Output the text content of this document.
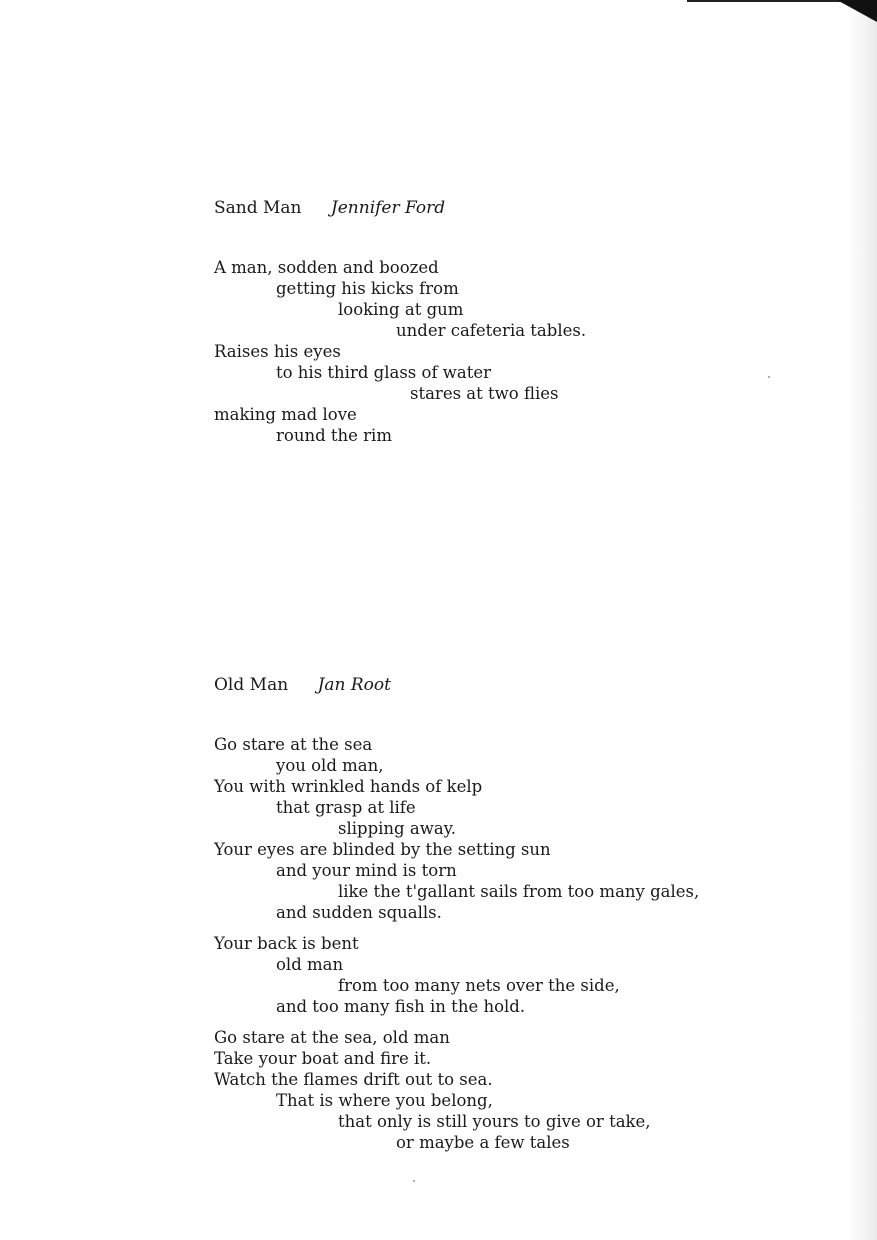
Sand Man Jennifer Ford
A man, sodden and boozed
getting his kicks from
looking at gum
under cafeteria tables.
Raises his eyes
to his third glass of water
stares at two flies
making mad love
round the rim
Old Man Jan Root
Go stare at the sea
you old man,
You with wrinkled hands of kelp
that grasp at life
slipping away.
Your eyes are blinded by the setting sun
and your mind is torn
like the t'gallant sails from too many gales,
and sudden squalls.
Your back is bent
old man
from too many nets over the side,
and too many fish in the hold.
Go stare at the sea, old man
Take your boat and fire it.
Watch the flames drift out to sea.
That is where you belong,
that only is still yours to give or take,
or maybe a few tales
